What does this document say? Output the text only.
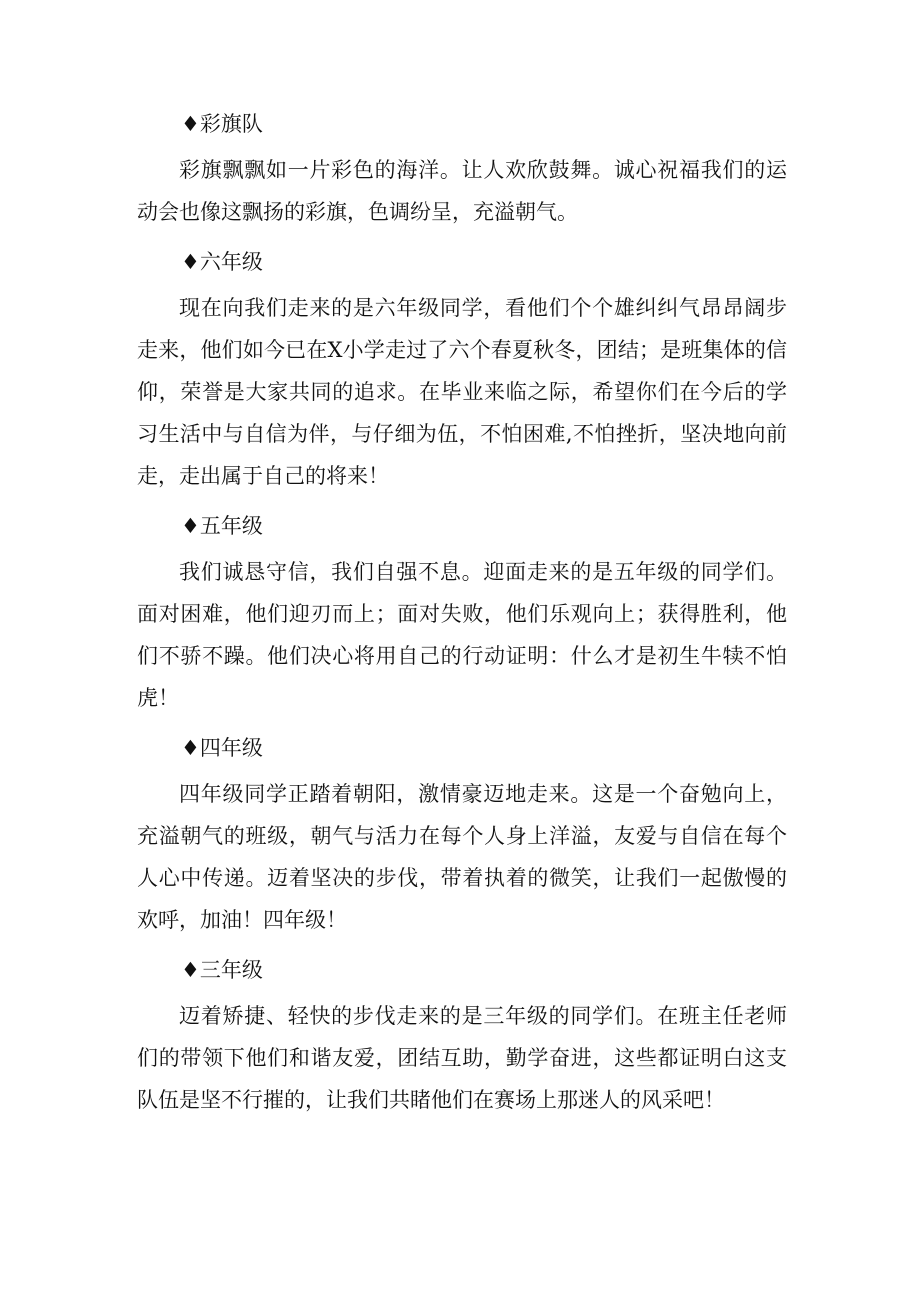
♦彩旗队

彩旗飘飘如一片彩色的海洋。让人欢欣鼓舞。诚心祝福我们的运动会也像这飘扬的彩旗，色调纷呈，充溢朝气。

♦六年级

现在向我们走来的是六年级同学，看他们个个雄纠纠气昂昂阔步走来，他们如今已在X小学走过了六个春夏秋冬，团结；是班集体的信仰，荣誉是大家共同的追求。在毕业来临之际，希望你们在今后的学习生活中与自信为伴，与仔细为伍，不怕困难,不怕挫折，坚决地向前走，走出属于自己的将来！

♦五年级

我们诚恳守信，我们自强不息。迎面走来的是五年级的同学们。面对困难，他们迎刃而上；面对失败，他们乐观向上；获得胜利，他们不骄不躁。他们决心将用自己的行动证明：什么才是初生牛犊不怕虎！

♦四年级

四年级同学正踏着朝阳，激情豪迈地走来。这是一个奋勉向上，充溢朝气的班级，朝气与活力在每个人身上洋溢，友爱与自信在每个人心中传递。迈着坚决的步伐，带着执着的微笑，让我们一起傲慢的欢呼，加油！四年级！

♦三年级

迈着矫捷、轻快的步伐走来的是三年级的同学们。在班主任老师们的带领下他们和谐友爱，团结互助，勤学奋进，这些都证明白这支队伍是坚不行摧的，让我们共睹他们在赛场上那迷人的风采吧！
